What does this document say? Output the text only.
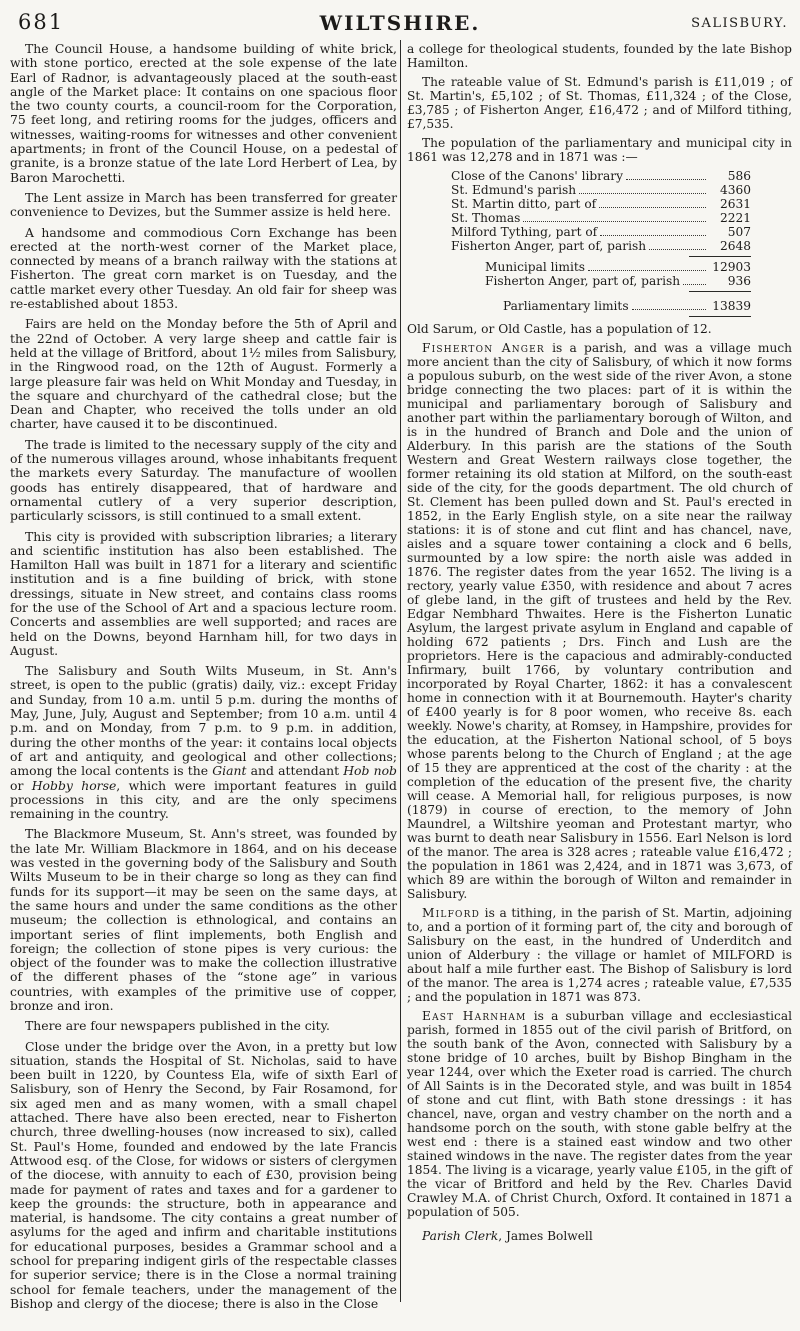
681	WILTSHIRE.	SALISBURY.

The Council House, a handsome building of white brick, with stone portico, erected at the sole expense of the late Earl of Radnor, is advantageously placed at the south-east angle of the Market place: It contains on one spacious floor the two county courts, a council-room for the Corporation, 75 feet long, and retiring rooms for the judges, officers and witnesses, waiting-rooms for witnesses and other convenient apartments; in front of the Council House, on a pedestal of granite, is a bronze statue of the late Lord Herbert of Lea, by Baron Marochetti.

The Lent assize in March has been transferred for greater convenience to Devizes, but the Summer assize is held here.

A handsome and commodious Corn Exchange has been erected at the north-west corner of the Market place, connected by means of a branch railway with the stations at Fisherton. The great corn market is on Tuesday, and the cattle market every other Tuesday. An old fair for sheep was re-established about 1853.

Fairs are held on the Monday before the 5th of April and the 22nd of October. A very large sheep and cattle fair is held at the village of Britford, about 1½ miles from Salisbury, in the Ringwood road, on the 12th of August. Formerly a large pleasure fair was held on Whit Monday and Tuesday, in the square and churchyard of the cathedral close; but the Dean and Chapter, who received the tolls under an old charter, have caused it to be discontinued.

The trade is limited to the necessary supply of the city and of the numerous villages around, whose inhabitants frequent the markets every Saturday. The manufacture of woollen goods has entirely disappeared, that of hardware and ornamental cutlery of a very superior description, particularly scissors, is still continued to a small extent.

This city is provided with subscription libraries; a literary and scientific institution has also been established. The Hamilton Hall was built in 1871 for a literary and scientific institution and is a fine building of brick, with stone dressings, situate in New street, and contains class rooms for the use of the School of Art and a spacious lecture room. Concerts and assemblies are well supported; and races are held on the Downs, beyond Harnham hill, for two days in August.

The Salisbury and South Wilts Museum, in St. Ann's street, is open to the public (gratis) daily, viz.: except Friday and Sunday, from 10 a.m. until 5 p.m. during the months of May, June, July, August and September; from 10 a.m. until 4 p.m. and on Monday, from 7 p.m. to 9 p.m. in addition, during the other months of the year: it contains local objects of art and antiquity, and geological and other collections; among the local contents is the Giant and attendant Hob nob or Hobby horse, which were important features in guild processions in this city, and are the only specimens remaining in the country.

The Blackmore Museum, St. Ann's street, was founded by the late Mr. William Blackmore in 1864, and on his decease was vested in the governing body of the Salisbury and South Wilts Museum to be in their charge so long as they can find funds for its support—it may be seen on the same days, at the same hours and under the same conditions as the other museum; the collection is ethnological, and contains an important series of flint implements, both English and foreign; the collection of stone pipes is very curious: the object of the founder was to make the collection illustrative of the different phases of the “stone age” in various countries, with examples of the primitive use of copper, bronze and iron.

There are four newspapers published in the city.

Close under the bridge over the Avon, in a pretty but low situation, stands the Hospital of St. Nicholas, said to have been built in 1220, by Countess Ela, wife of sixth Earl of Salisbury, son of Henry the Second, by Fair Rosamond, for six aged men and as many women, with a small chapel attached. There have also been erected, near to Fisherton church, three dwelling-houses (now increased to six), called St. Paul's Home, founded and endowed by the late Francis Attwood esq. of the Close, for widows or sisters of clergymen of the diocese, with annuity to each of £30, provision being made for payment of rates and taxes and for a gardener to keep the grounds: the structure, both in appearance and material, is handsome. The city contains a great number of asylums for the aged and infirm and charitable institutions for educational purposes, besides a Grammar school and a school for preparing indigent girls of the respectable classes for superior service; there is in the Close a normal training school for female teachers, under the management of the Bishop and clergy of the diocese; there is also in the Close

a college for theological students, founded by the late Bishop Hamilton.

The rateable value of St. Edmund's parish is £11,019 ; of St. Martin's, £5,102 ; of St. Thomas, £11,324 ; of the Close, £3,785 ; of Fisherton Anger, £16,472 ; and of Milford tithing, £7,535.

The population of the parliamentary and municipal city in 1861 was 12,278 and in 1871 was :—

Close of the Canons' library	586
St. Edmund's parish	4360
St. Martin ditto, part of	2631
St. Thomas	2221
Milford Tything, part of	507
Fisherton Anger, part of, parish	2648
Municipal limits	12903
Fisherton Anger, part of, parish	936
Parliamentary limits	13839

Old Sarum, or Old Castle, has a population of 12.

Fisherton Anger is a parish, and was a village much more ancient than the city of Salisbury, of which it now forms a populous suburb, on the west side of the river Avon, a stone bridge connecting the two places: part of it is within the municipal and parliamentary borough of Salisbury and another part within the parliamentary borough of Wilton, and is in the hundred of Branch and Dole and the union of Alderbury. In this parish are the stations of the South Western and Great Western railways close together, the former retaining its old station at Milford, on the south-east side of the city, for the goods department. The old church of St. Clement has been pulled down and St. Paul's erected in 1852, in the Early English style, on a site near the railway stations: it is of stone and cut flint and has chancel, nave, aisles and a square tower containing a clock and 6 bells, surmounted by a low spire: the north aisle was added in 1876. The register dates from the year 1652. The living is a rectory, yearly value £350, with residence and about 7 acres of glebe land, in the gift of trustees and held by the Rev. Edgar Nembhard Thwaites. Here is the Fisherton Lunatic Asylum, the largest private asylum in England and capable of holding 672 patients ; Drs. Finch and Lush are the proprietors. Here is the capacious and admirably-conducted Infirmary, built 1766, by voluntary contribution and incorporated by Royal Charter, 1862: it has a convalescent home in connection with it at Bournemouth. Hayter's charity of £400 yearly is for 8 poor women, who receive 8s. each weekly. Nowe's charity, at Romsey, in Hampshire, provides for the education, at the Fisherton National school, of 5 boys whose parents belong to the Church of England ; at the age of 15 they are apprenticed at the cost of the charity : at the completion of the education of the present five, the charity will cease. A Memorial hall, for religious purposes, is now (1879) in course of erection, to the memory of John Maundrel, a Wiltshire yeoman and Protestant martyr, who was burnt to death near Salisbury in 1556. Earl Nelson is lord of the manor. The area is 328 acres ; rateable value £16,472 ; the population in 1861 was 2,424, and in 1871 was 3,673, of which 89 are within the borough of Wilton and remainder in Salisbury.

Milford is a tithing, in the parish of St. Martin, adjoining to, and a portion of it forming part of, the city and borough of Salisbury on the east, in the hundred of Underditch and union of Alderbury : the village or hamlet of MILFORD is about half a mile further east. The Bishop of Salisbury is lord of the manor. The area is 1,274 acres ; rateable value, £7,535 ; and the population in 1871 was 873.

East Harnham is a suburban village and ecclesiastical parish, formed in 1855 out of the civil parish of Britford, on the south bank of the Avon, connected with Salisbury by a stone bridge of 10 arches, built by Bishop Bingham in the year 1244, over which the Exeter road is carried. The church of All Saints is in the Decorated style, and was built in 1854 of stone and cut flint, with Bath stone dressings : it has chancel, nave, organ and vestry chamber on the north and a handsome porch on the south, with stone gable belfry at the west end : there is a stained east window and two other stained windows in the nave. The register dates from the year 1854. The living is a vicarage, yearly value £105, in the gift of the vicar of Britford and held by the Rev. Charles David Crawley M.A. of Christ Church, Oxford. It contained in 1871 a population of 505.

Parish Clerk, James Bolwell
